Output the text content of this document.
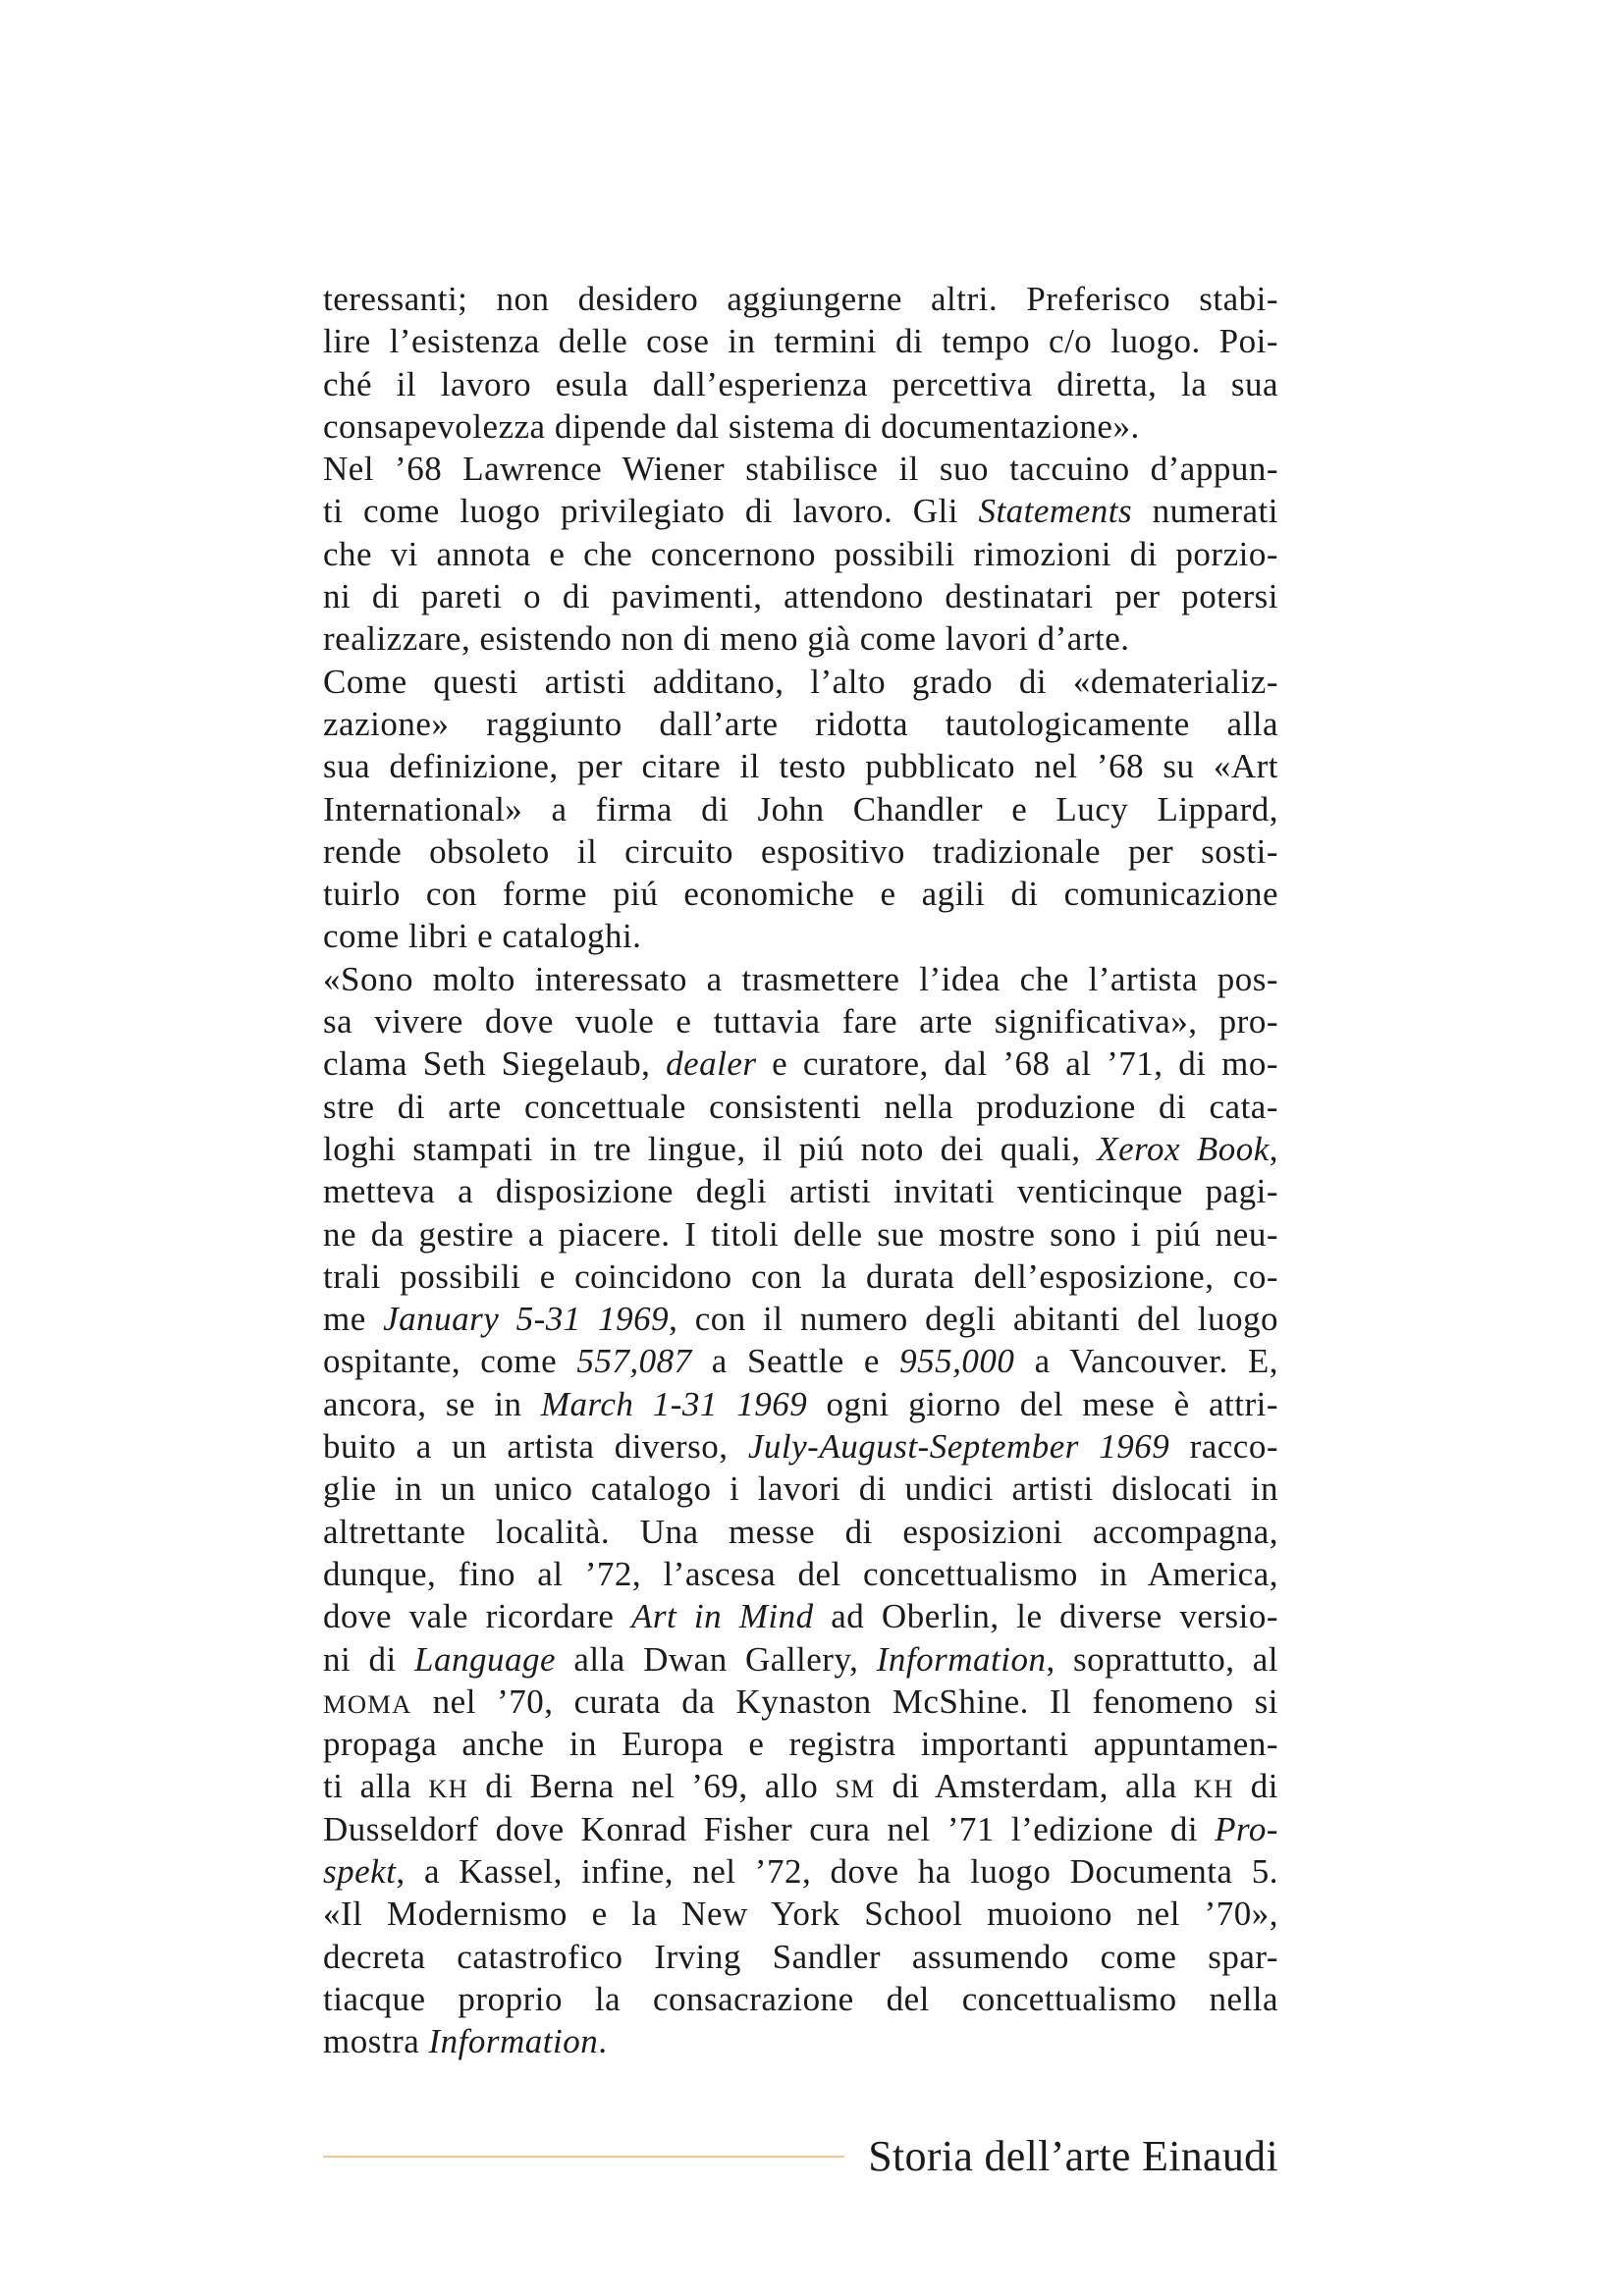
teressanti; non desidero aggiungerne altri. Preferisco stabi-
lire l’esistenza delle cose in termini di tempo c/o luogo. Poi-
ché il lavoro esula dall’esperienza percettiva diretta, la sua
consapevolezza dipende dal sistema di documentazione».
Nel ’68 Lawrence Wiener stabilisce il suo taccuino d’appun-
ti come luogo privilegiato di lavoro. Gli Statements numerati
che vi annota e che concernono possibili rimozioni di porzio-
ni di pareti o di pavimenti, attendono destinatari per potersi
realizzare, esistendo non di meno già come lavori d’arte.
Come questi artisti additano, l’alto grado di «dematerializ-
zazione» raggiunto dall’arte ridotta tautologicamente alla
sua definizione, per citare il testo pubblicato nel ’68 su «Art
International» a firma di John Chandler e Lucy Lippard,
rende obsoleto il circuito espositivo tradizionale per sosti-
tuirlo con forme piú economiche e agili di comunicazione
come libri e cataloghi.
«Sono molto interessato a trasmettere l’idea che l’artista pos-
sa vivere dove vuole e tuttavia fare arte significativa», pro-
clama Seth Siegelaub, dealer e curatore, dal ’68 al ’71, di mo-
stre di arte concettuale consistenti nella produzione di cata-
loghi stampati in tre lingue, il piú noto dei quali, Xerox Book,
metteva a disposizione degli artisti invitati venticinque pagi-
ne da gestire a piacere. I titoli delle sue mostre sono i piú neu-
trali possibili e coincidono con la durata dell’esposizione, co-
me January 5-31 1969, con il numero degli abitanti del luogo
ospitante, come 557,087 a Seattle e 955,000 a Vancouver. E,
ancora, se in March 1-31 1969 ogni giorno del mese è attri-
buito a un artista diverso, July-August-September 1969 racco-
glie in un unico catalogo i lavori di undici artisti dislocati in
altrettante località. Una messe di esposizioni accompagna,
dunque, fino al ’72, l’ascesa del concettualismo in America,
dove vale ricordare Art in Mind ad Oberlin, le diverse versio-
ni di Language alla Dwan Gallery, Information, soprattutto, al
MOMA nel ’70, curata da Kynaston McShine. Il fenomeno si
propaga anche in Europa e registra importanti appuntamen-
ti alla KH di Berna nel ’69, allo SM di Amsterdam, alla KH di
Dusseldorf dove Konrad Fisher cura nel ’71 l’edizione di Pro-
spekt, a Kassel, infine, nel ’72, dove ha luogo Documenta 5.
«Il Modernismo e la New York School muoiono nel ’70»,
decreta catastrofico Irving Sandler assumendo come spar-
tiacque proprio la consacrazione del concettualismo nella
mostra Information.
Storia dell’arte Einaudi
